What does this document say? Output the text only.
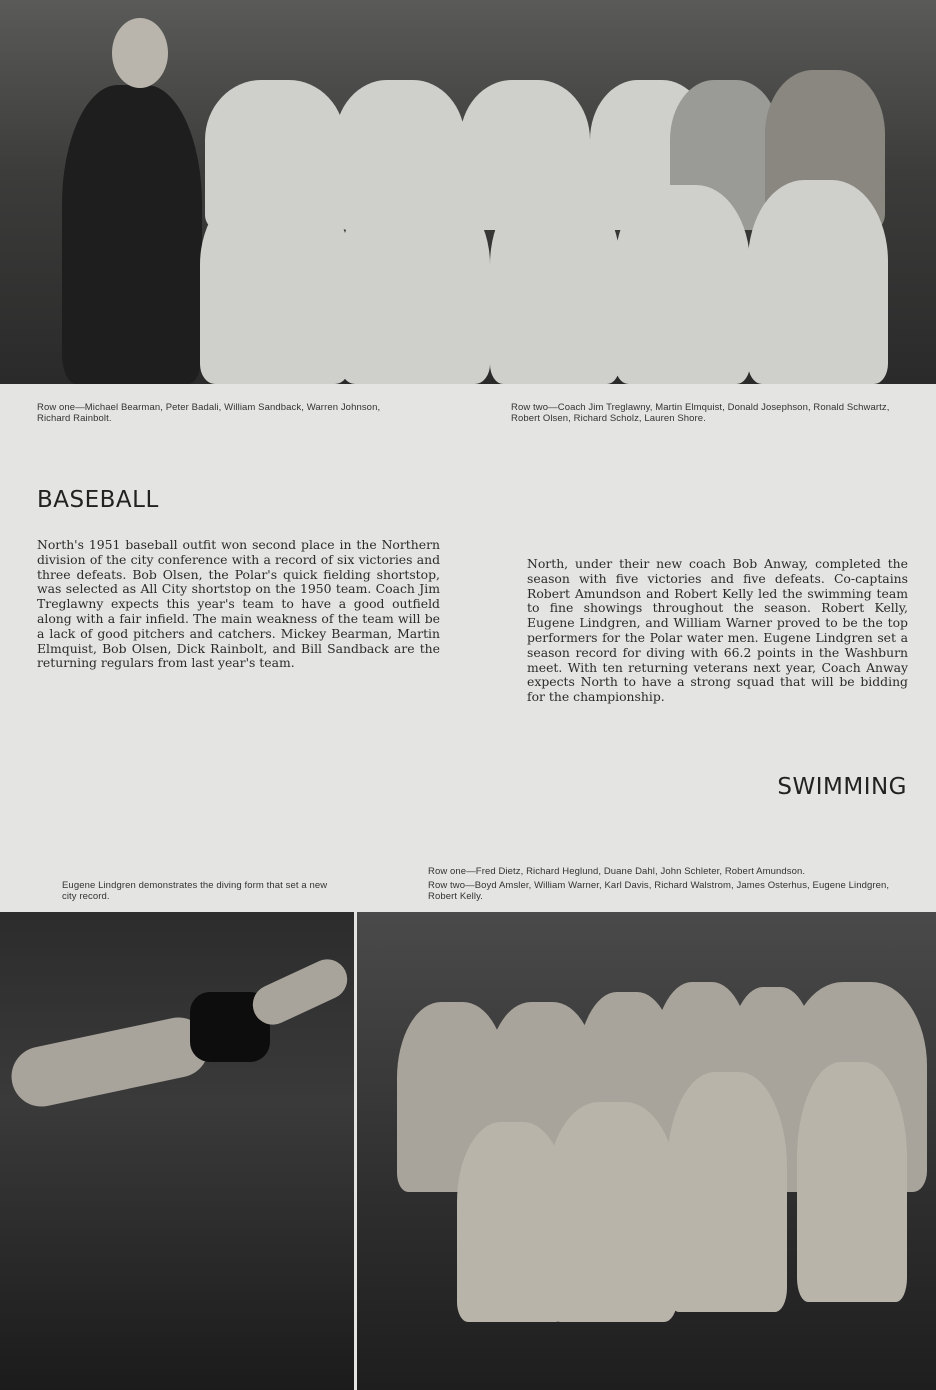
Row one—Michael Bearman, Peter Badali, William Sandback, Warren Johnson, Richard Rainbolt.
Row two—Coach Jim Treglawny, Martin Elmquist, Donald Josephson, Ronald Schwartz, Robert Olsen, Richard Scholz, Lauren Shore.
BASEBALL
North's 1951 baseball outfit won second place in the Northern division of the city conference with a record of six victories and three defeats. Bob Olsen, the Polar's quick fielding shortstop, was selected as All City shortstop on the 1950 team. Coach Jim Treglawny expects this year's team to have a good outfield along with a fair infield. The main weakness of the team will be a lack of good pitchers and catchers. Mickey Bearman, Martin Elmquist, Bob Olsen, Dick Rainbolt, and Bill Sandback are the returning regulars from last year's team.
North, under their new coach Bob Anway, completed the season with five victories and five defeats. Co-captains Robert Amundson and Robert Kelly led the swimming team to fine showings throughout the season. Robert Kelly, Eugene Lindgren, and William Warner proved to be the top performers for the Polar water men. Eugene Lindgren set a season record for diving with 66.2 points in the Washburn meet. With ten returning veterans next year, Coach Anway expects North to have a strong squad that will be bidding for the championship.
SWIMMING
Eugene Lindgren demonstrates the diving form that set a new city record.
Row one—Fred Dietz, Richard Heglund, Duane Dahl, John Schleter, Robert Amundson.
Row two—Boyd Amsler, William Warner, Karl Davis, Richard Walstrom, James Osterhus, Eugene Lindgren, Robert Kelly.
